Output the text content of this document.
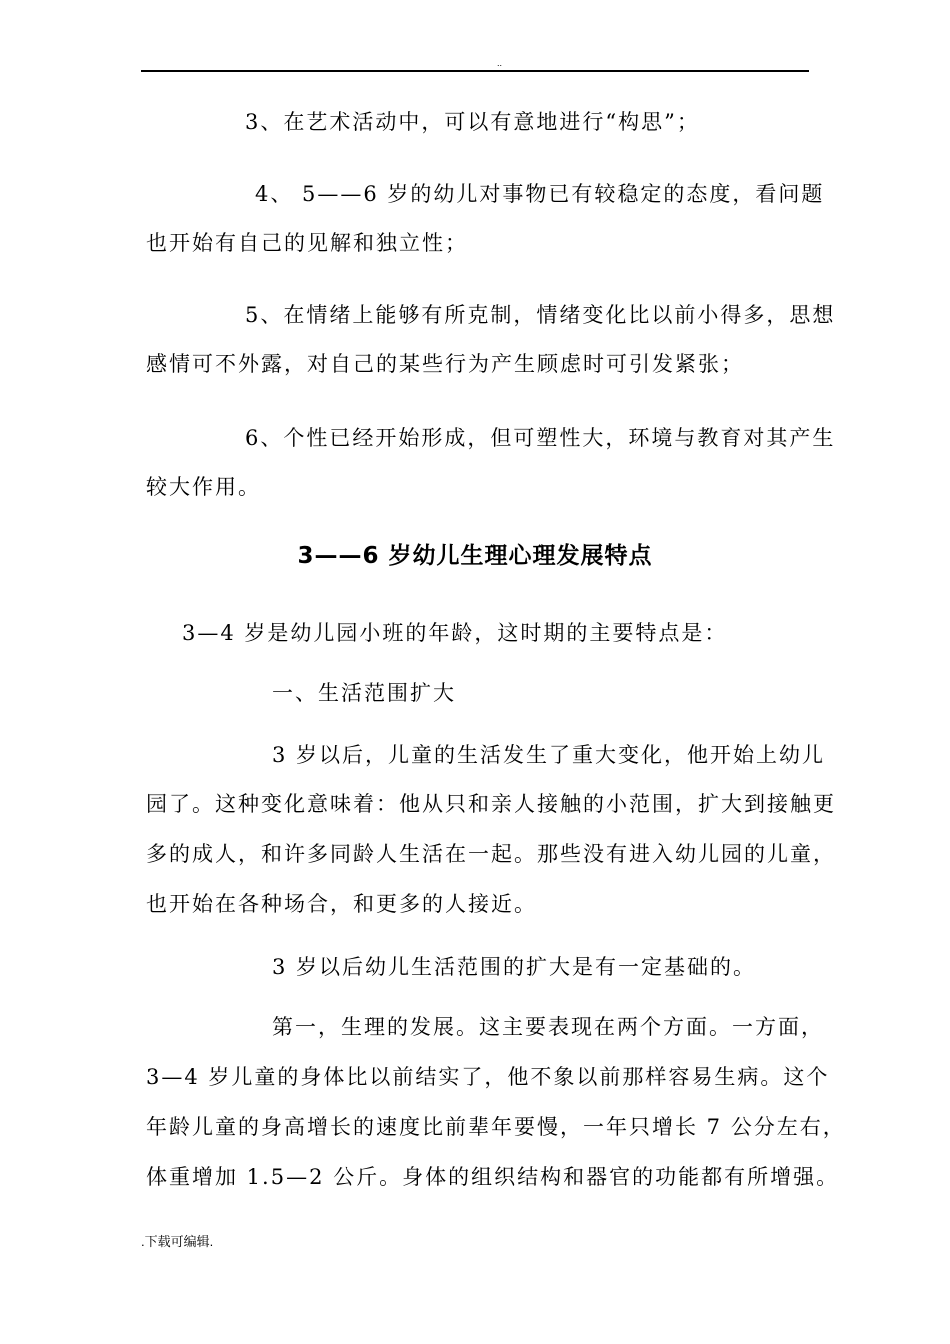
..
3、在艺术活动中，可以有意地进行“构思”；
4、 5——6 岁的幼儿对事物已有较稳定的态度，看问题
也开始有自己的见解和独立性；
5、在情绪上能够有所克制，情绪变化比以前小得多，思想
感情可不外露，对自己的某些行为产生顾虑时可引发紧张；
6、个性已经开始形成，但可塑性大，环境与教育对其产生
较大作用。
3——6 岁幼儿生理心理发展特点
3—4 岁是幼儿园小班的年龄，这时期的主要特点是：
一、生活范围扩大
3 岁以后，儿童的生活发生了重大变化，他开始上幼儿
园了。这种变化意味着：他从只和亲人接触的小范围，扩大到接触更
多的成人，和许多同龄人生活在一起。那些没有进入幼儿园的儿童，
也开始在各种场合，和更多的人接近。
3 岁以后幼儿生活范围的扩大是有一定基础的。
第一，生理的发展。这主要表现在两个方面。一方面，
3—4 岁儿童的身体比以前结实了，他不象以前那样容易生病。这个
年龄儿童的身高增长的速度比前辈年要慢，一年只增长 7 公分左右，
体重增加 1.5—2 公斤。身体的组织结构和器官的功能都有所增强。
.下载可编辑.
